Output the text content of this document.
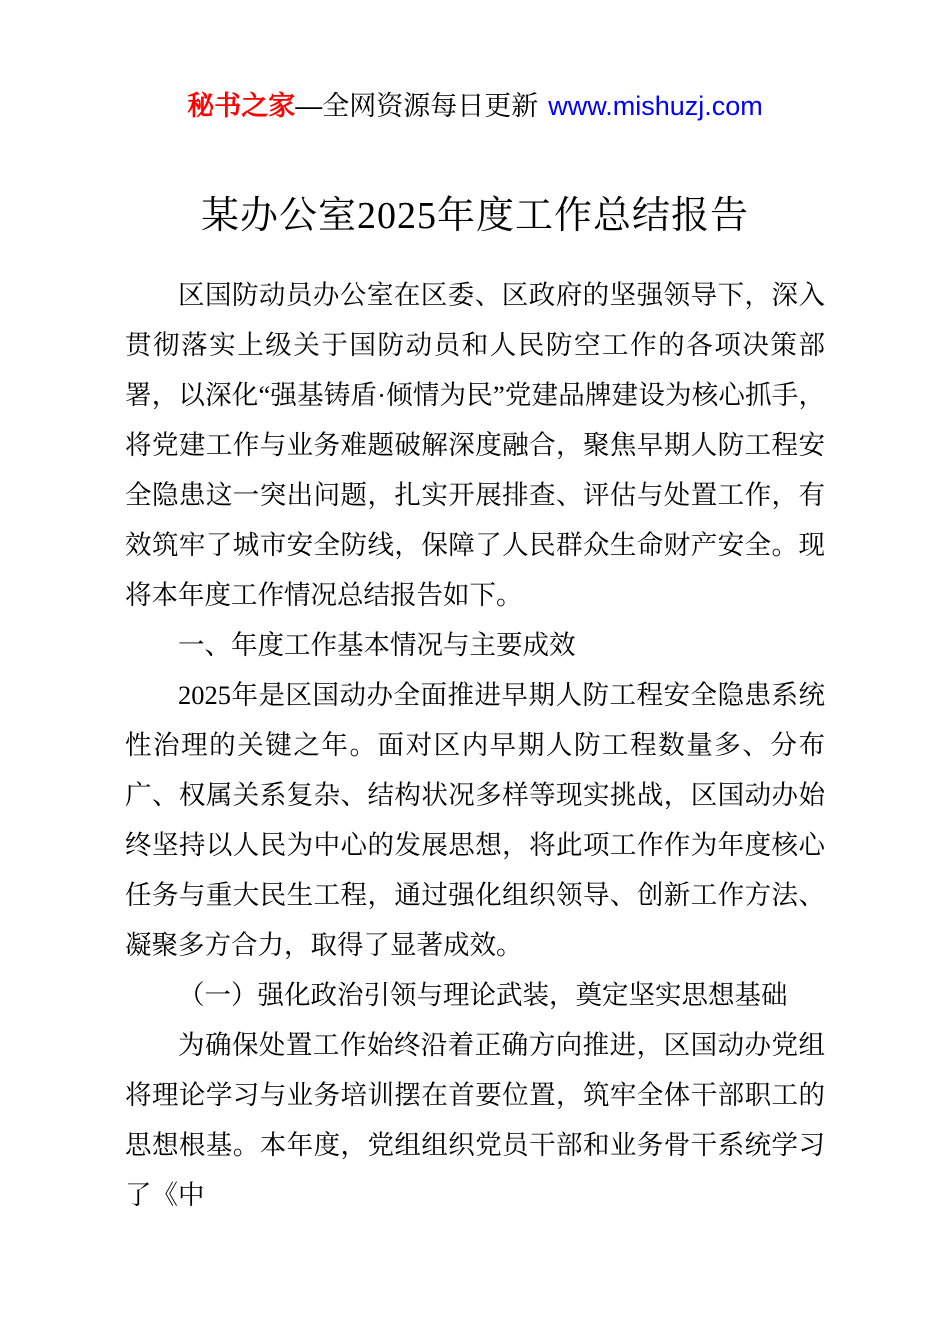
秘书之家—全网资源每日更新 www.mishuzj.com
某办公室2025年度工作总结报告

区国防动员办公室在区委、区政府的坚强领导下，深入贯彻落实上级关于国防动员和人民防空工作的各项决策部署，以深化“强基铸盾·倾情为民”党建品牌建设为核心抓手，将党建工作与业务难题破解深度融合，聚焦早期人防工程安全隐患这一突出问题，扎实开展排查、评估与处置工作，有效筑牢了城市安全防线，保障了人民群众生命财产安全。现将本年度工作情况总结报告如下。

一、年度工作基本情况与主要成效

2025年是区国动办全面推进早期人防工程安全隐患系统性治理的关键之年。面对区内早期人防工程数量多、分布广、权属关系复杂、结构状况多样等现实挑战，区国动办始终坚持以人民为中心的发展思想，将此项工作作为年度核心任务与重大民生工程，通过强化组织领导、创新工作方法、凝聚多方合力，取得了显著成效。

（一）强化政治引领与理论武装，奠定坚实思想基础

为确保处置工作始终沿着正确方向推进，区国动办党组将理论学习与业务培训摆在首要位置，筑牢全体干部职工的思想根基。本年度，党组组织党员干部和业务骨干系统学习了《中
